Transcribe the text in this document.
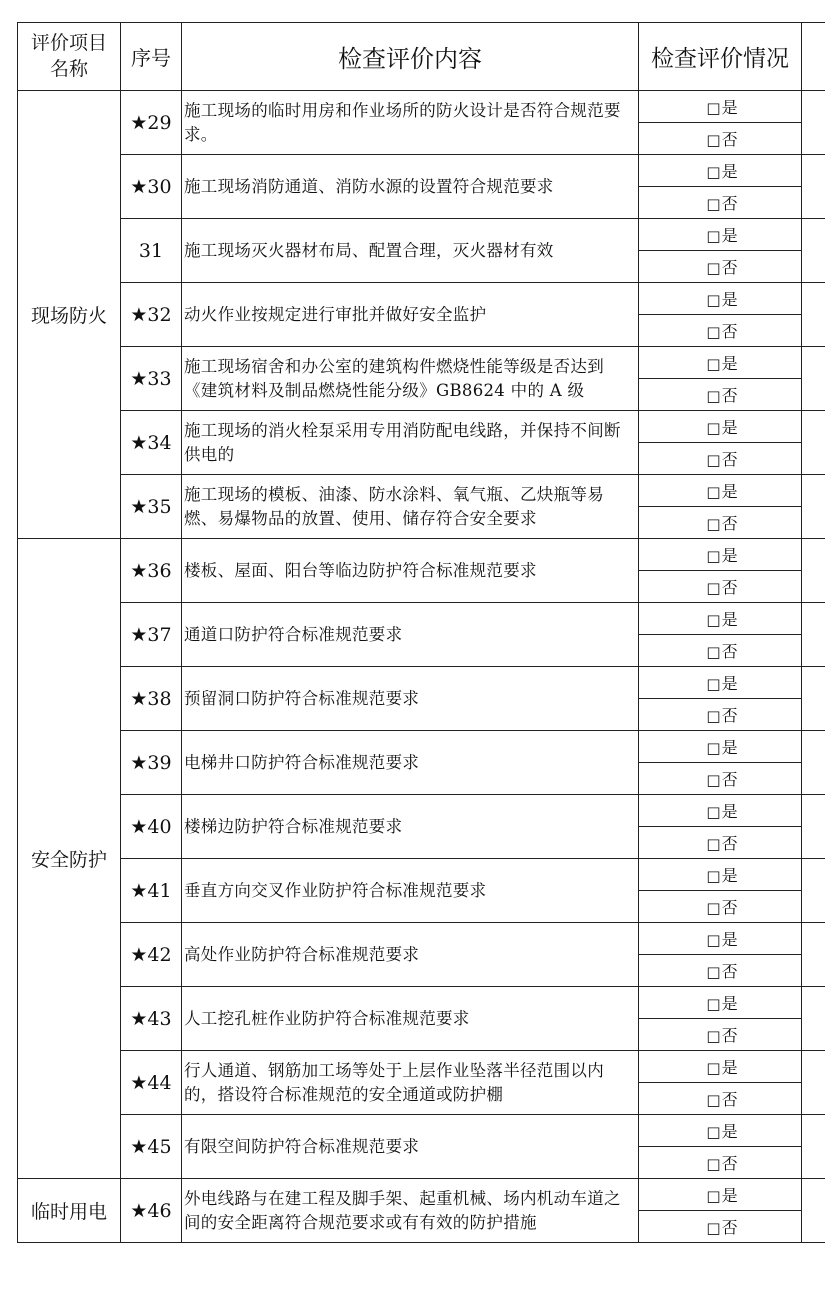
评价项目
名称	序号	检查评价内容	检查评价情况	
现场防火	★29	施工现场的临时用房和作业场所的防火设计是否符合规范要求。	□是	
			□否	
	★30	施工现场消防通道、消防水源的设置符合规范要求	□是	
			□否	
	31	施工现场灭火器材布局、配置合理，灭火器材有效	□是	
			□否	
	★32	动火作业按规定进行审批并做好安全监护	□是	
			□否	
	★33	施工现场宿舍和办公室的建筑构件燃烧性能等级是否达到《建筑材料及制品燃烧性能分级》GB8624 中的 A 级	□是	
			□否	
	★34	施工现场的消火栓泵采用专用消防配电线路，并保持不间断供电的	□是	
			□否	
	★35	施工现场的模板、油漆、防水涂料、氧气瓶、乙炔瓶等易燃、易爆物品的放置、使用、储存符合安全要求	□是	
			□否	
安全防护	★36	楼板、屋面、阳台等临边防护符合标准规范要求	□是	
			□否	
	★37	通道口防护符合标准规范要求	□是	
			□否	
	★38	预留洞口防护符合标准规范要求	□是	
			□否	
	★39	电梯井口防护符合标准规范要求	□是	
			□否	
	★40	楼梯边防护符合标准规范要求	□是	
			□否	
	★41	垂直方向交叉作业防护符合标准规范要求	□是	
			□否	
	★42	高处作业防护符合标准规范要求	□是	
			□否	
	★43	人工挖孔桩作业防护符合标准规范要求	□是	
			□否	
	★44	行人通道、钢筋加工场等处于上层作业坠落半径范围以内的，搭设符合标准规范的安全通道或防护棚	□是	
			□否	
	★45	有限空间防护符合标准规范要求	□是	
			□否	
临时用电	★46	外电线路与在建工程及脚手架、起重机械、场内机动车道之间的安全距离符合规范要求或有有效的防护措施	□是	
			□否	
